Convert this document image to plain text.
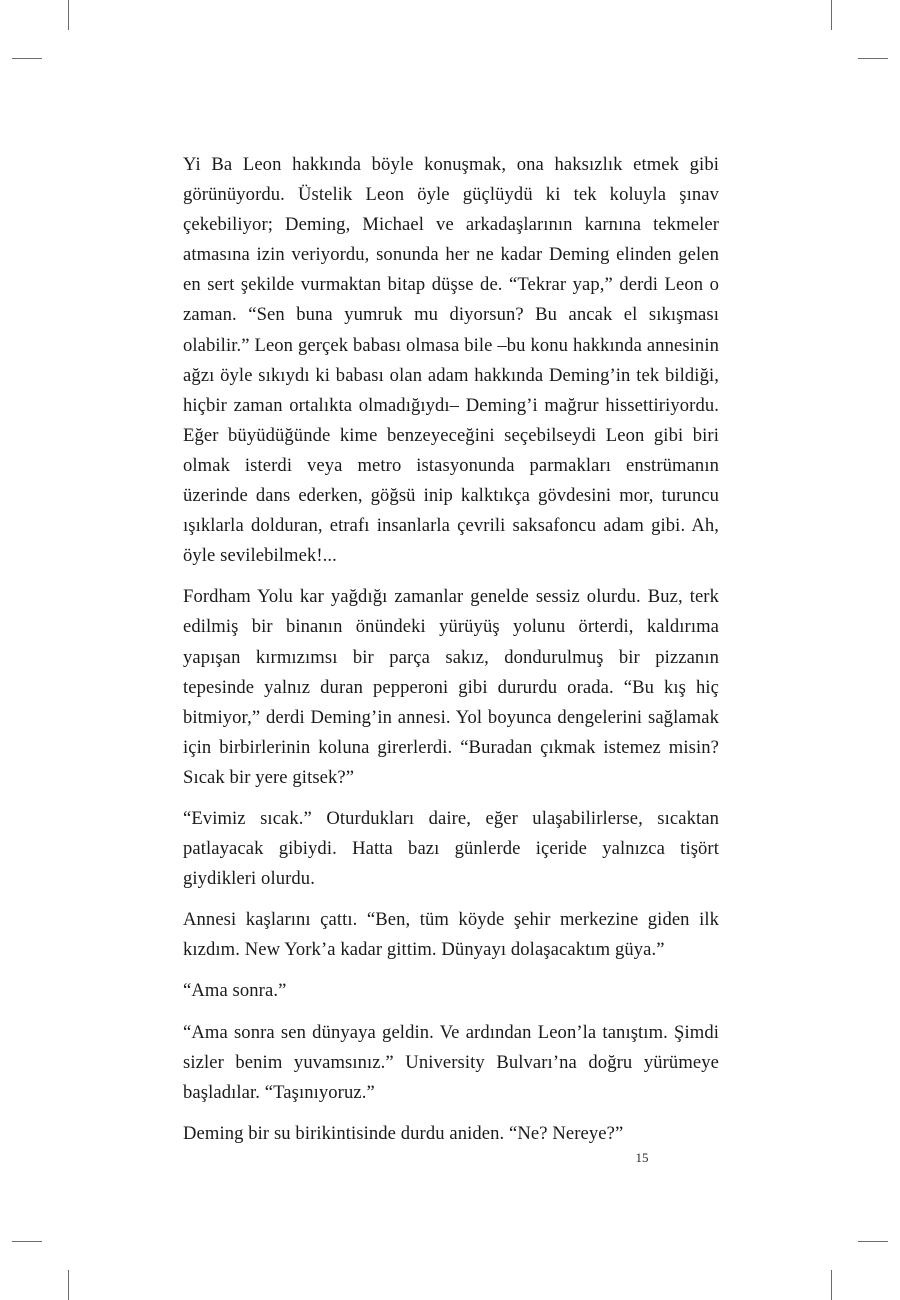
Yi Ba Leon hakkında böyle konuşmak, ona haksızlık etmek gibi görünüyordu. Üstelik Leon öyle güçlüydü ki tek koluyla şınav çekebiliyor; Deming, Michael ve arkadaşlarının karnına tekmeler atmasına izin veriyordu, sonunda her ne kadar Deming elinden gelen en sert şekilde vurmaktan bitap düşse de. “Tekrar yap,” derdi Leon o zaman. “Sen buna yumruk mu diyorsun? Bu ancak el sıkışması olabilir.” Leon gerçek babası olmasa bile –bu konu hakkında annesinin ağzı öyle sıkıydı ki babası olan adam hakkında Deming’in tek bildiği, hiçbir zaman ortalıkta olmadığıydı– Deming’i mağrur hissettiriyordu. Eğer büyüdüğünde kime benzeyeceğini seçebilseydi Leon gibi biri olmak isterdi veya metro istasyonunda parmakları enstrümanın üzerinde dans ederken, göğsü inip kalktıkça gövdesini mor, turuncu ışıklarla dolduran, etrafı insanlarla çevrili saksafoncu adam gibi. Ah, öyle sevilebilmek!...

Fordham Yolu kar yağdığı zamanlar genelde sessiz olurdu. Buz, terk edilmiş bir binanın önündeki yürüyüş yolunu örterdi, kaldırıma yapışan kırmızımsı bir parça sakız, dondurulmuş bir pizzanın tepesinde yalnız duran pepperoni gibi dururdu orada. “Bu kış hiç bitmiyor,” derdi Deming’in annesi. Yol boyunca dengelerini sağlamak için birbirlerinin koluna girerlerdi. “Buradan çıkmak istemez misin? Sıcak bir yere gitsek?”

“Evimiz sıcak.” Oturdukları daire, eğer ulaşabilirlerse, sıcaktan patlayacak gibiydi. Hatta bazı günlerde içeride yalnızca tişört giydikleri olurdu.

Annesi kaşlarını çattı. “Ben, tüm köyde şehir merkezine giden ilk kızdım. New York’a kadar gittim. Dünyayı dolaşacaktım güya.”

“Ama sonra.”

“Ama sonra sen dünyaya geldin. Ve ardından Leon’la tanıştım. Şimdi sizler benim yuvamsınız.” University Bulvarı’na doğru yürümeye başladılar. “Taşınıyoruz.”

Deming bir su birikintisinde durdu aniden. “Ne? Nereye?”

15
